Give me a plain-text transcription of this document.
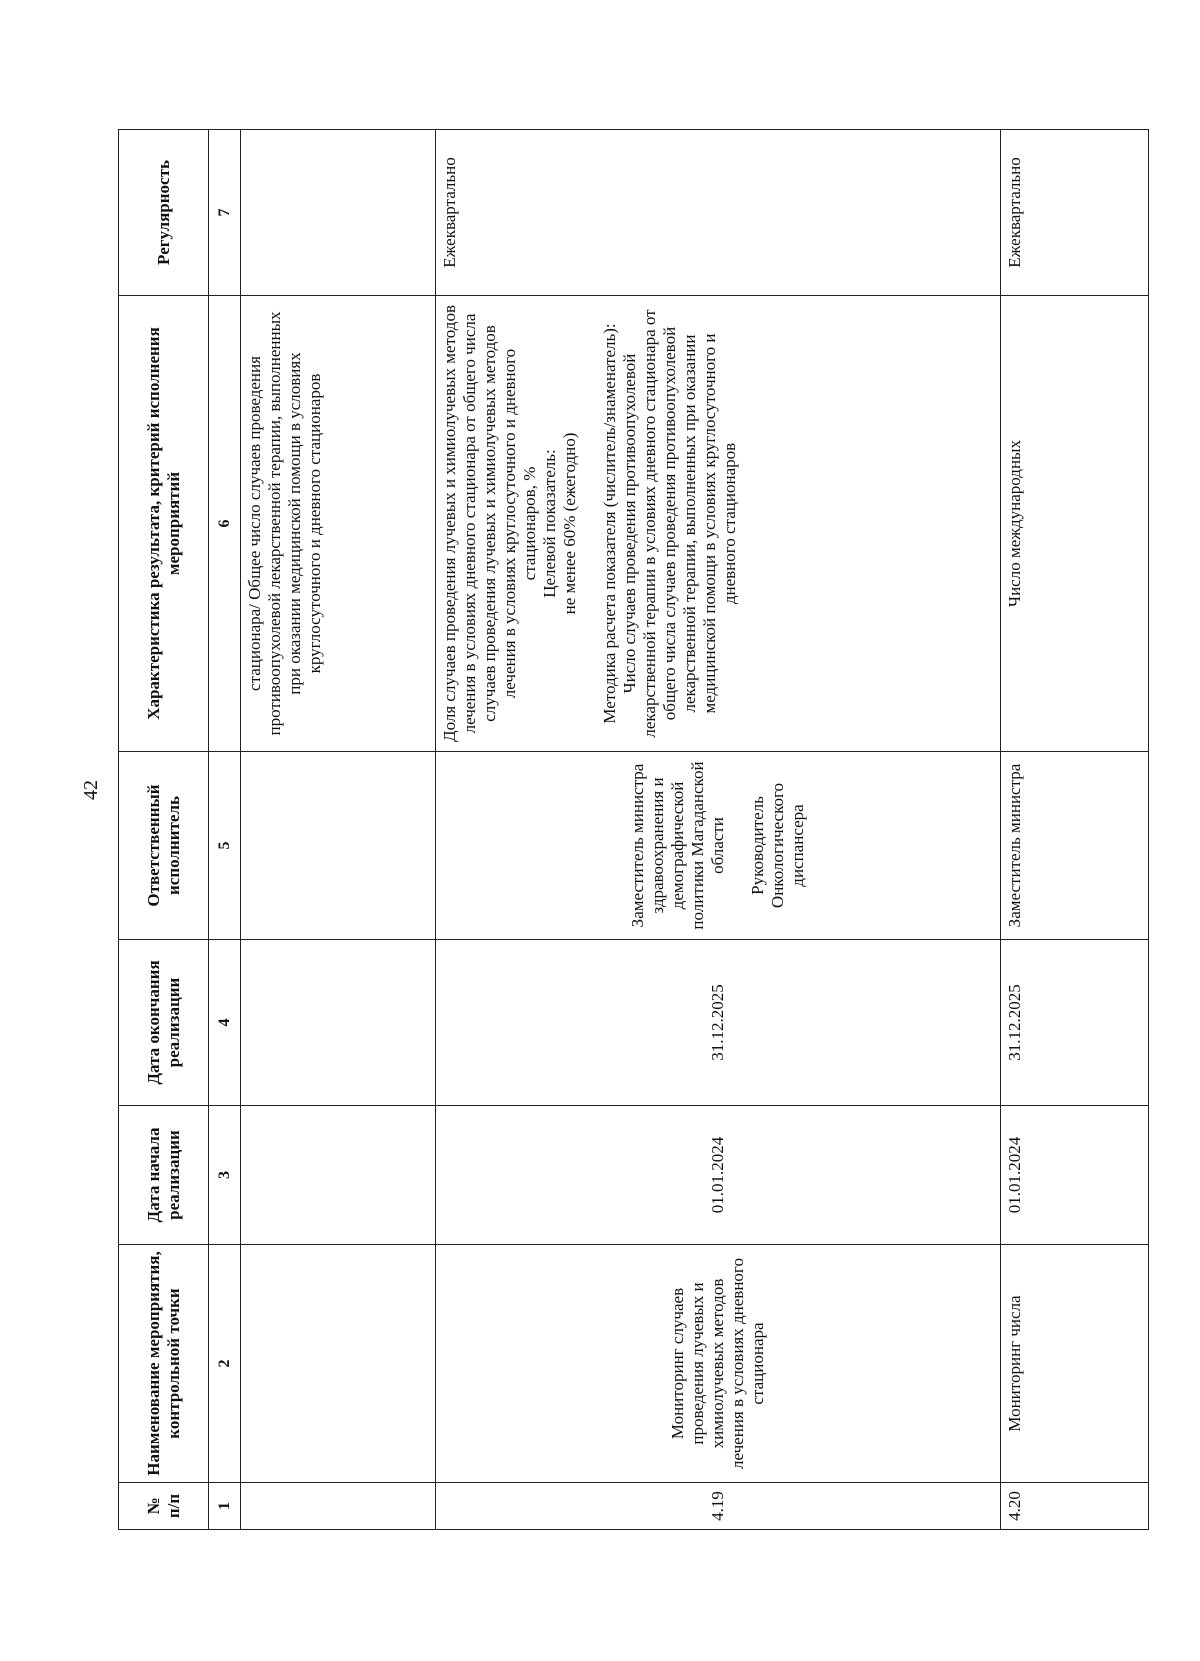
42
№ п/п	Наименование мероприятия, контрольной точки	Дата начала реализации	Дата окончания реализации	Ответственный исполнитель	Характеристика результата, критерий исполнения мероприятий	Регулярность
1	2	3	4	5	6	7
					стационара/ Общее число случаев проведения противоопухолевой лекарственной терапии, выполненных при оказании медицинской помощи в условиях круглосуточного и дневного стационаров	
4.19	Мониторинг случаев проведения лучевых и химиолучевых методов лечения в условиях дневного стационара	01.01.2024	31.12.2025	Заместитель министра здравоохранения и демографической политики Магаданской области Руководитель Онкологического диспансера	Доля случаев проведения лучевых и химиолучевых методов лечения в условиях дневного стационара от общего числа случаев проведения лучевых и химиолучевых методов лечения в условиях круглосуточного и дневного стационаров, %
Целевой показатель:
не менее 60% (ежегодно) Методика расчета показателя (числитель/знаменатель):
Число случаев проведения противоопухолевой лекарственной терапии в условиях дневного стационара от общего числа случаев проведения противоопухолевой лекарственной терапии, выполненных при оказании медицинской помощи в условиях круглосуточного и дневного стационаров	Ежеквартально
4.20	Мониторинг числа	01.01.2024	31.12.2025	Заместитель министра	Число международных	Ежеквартально
